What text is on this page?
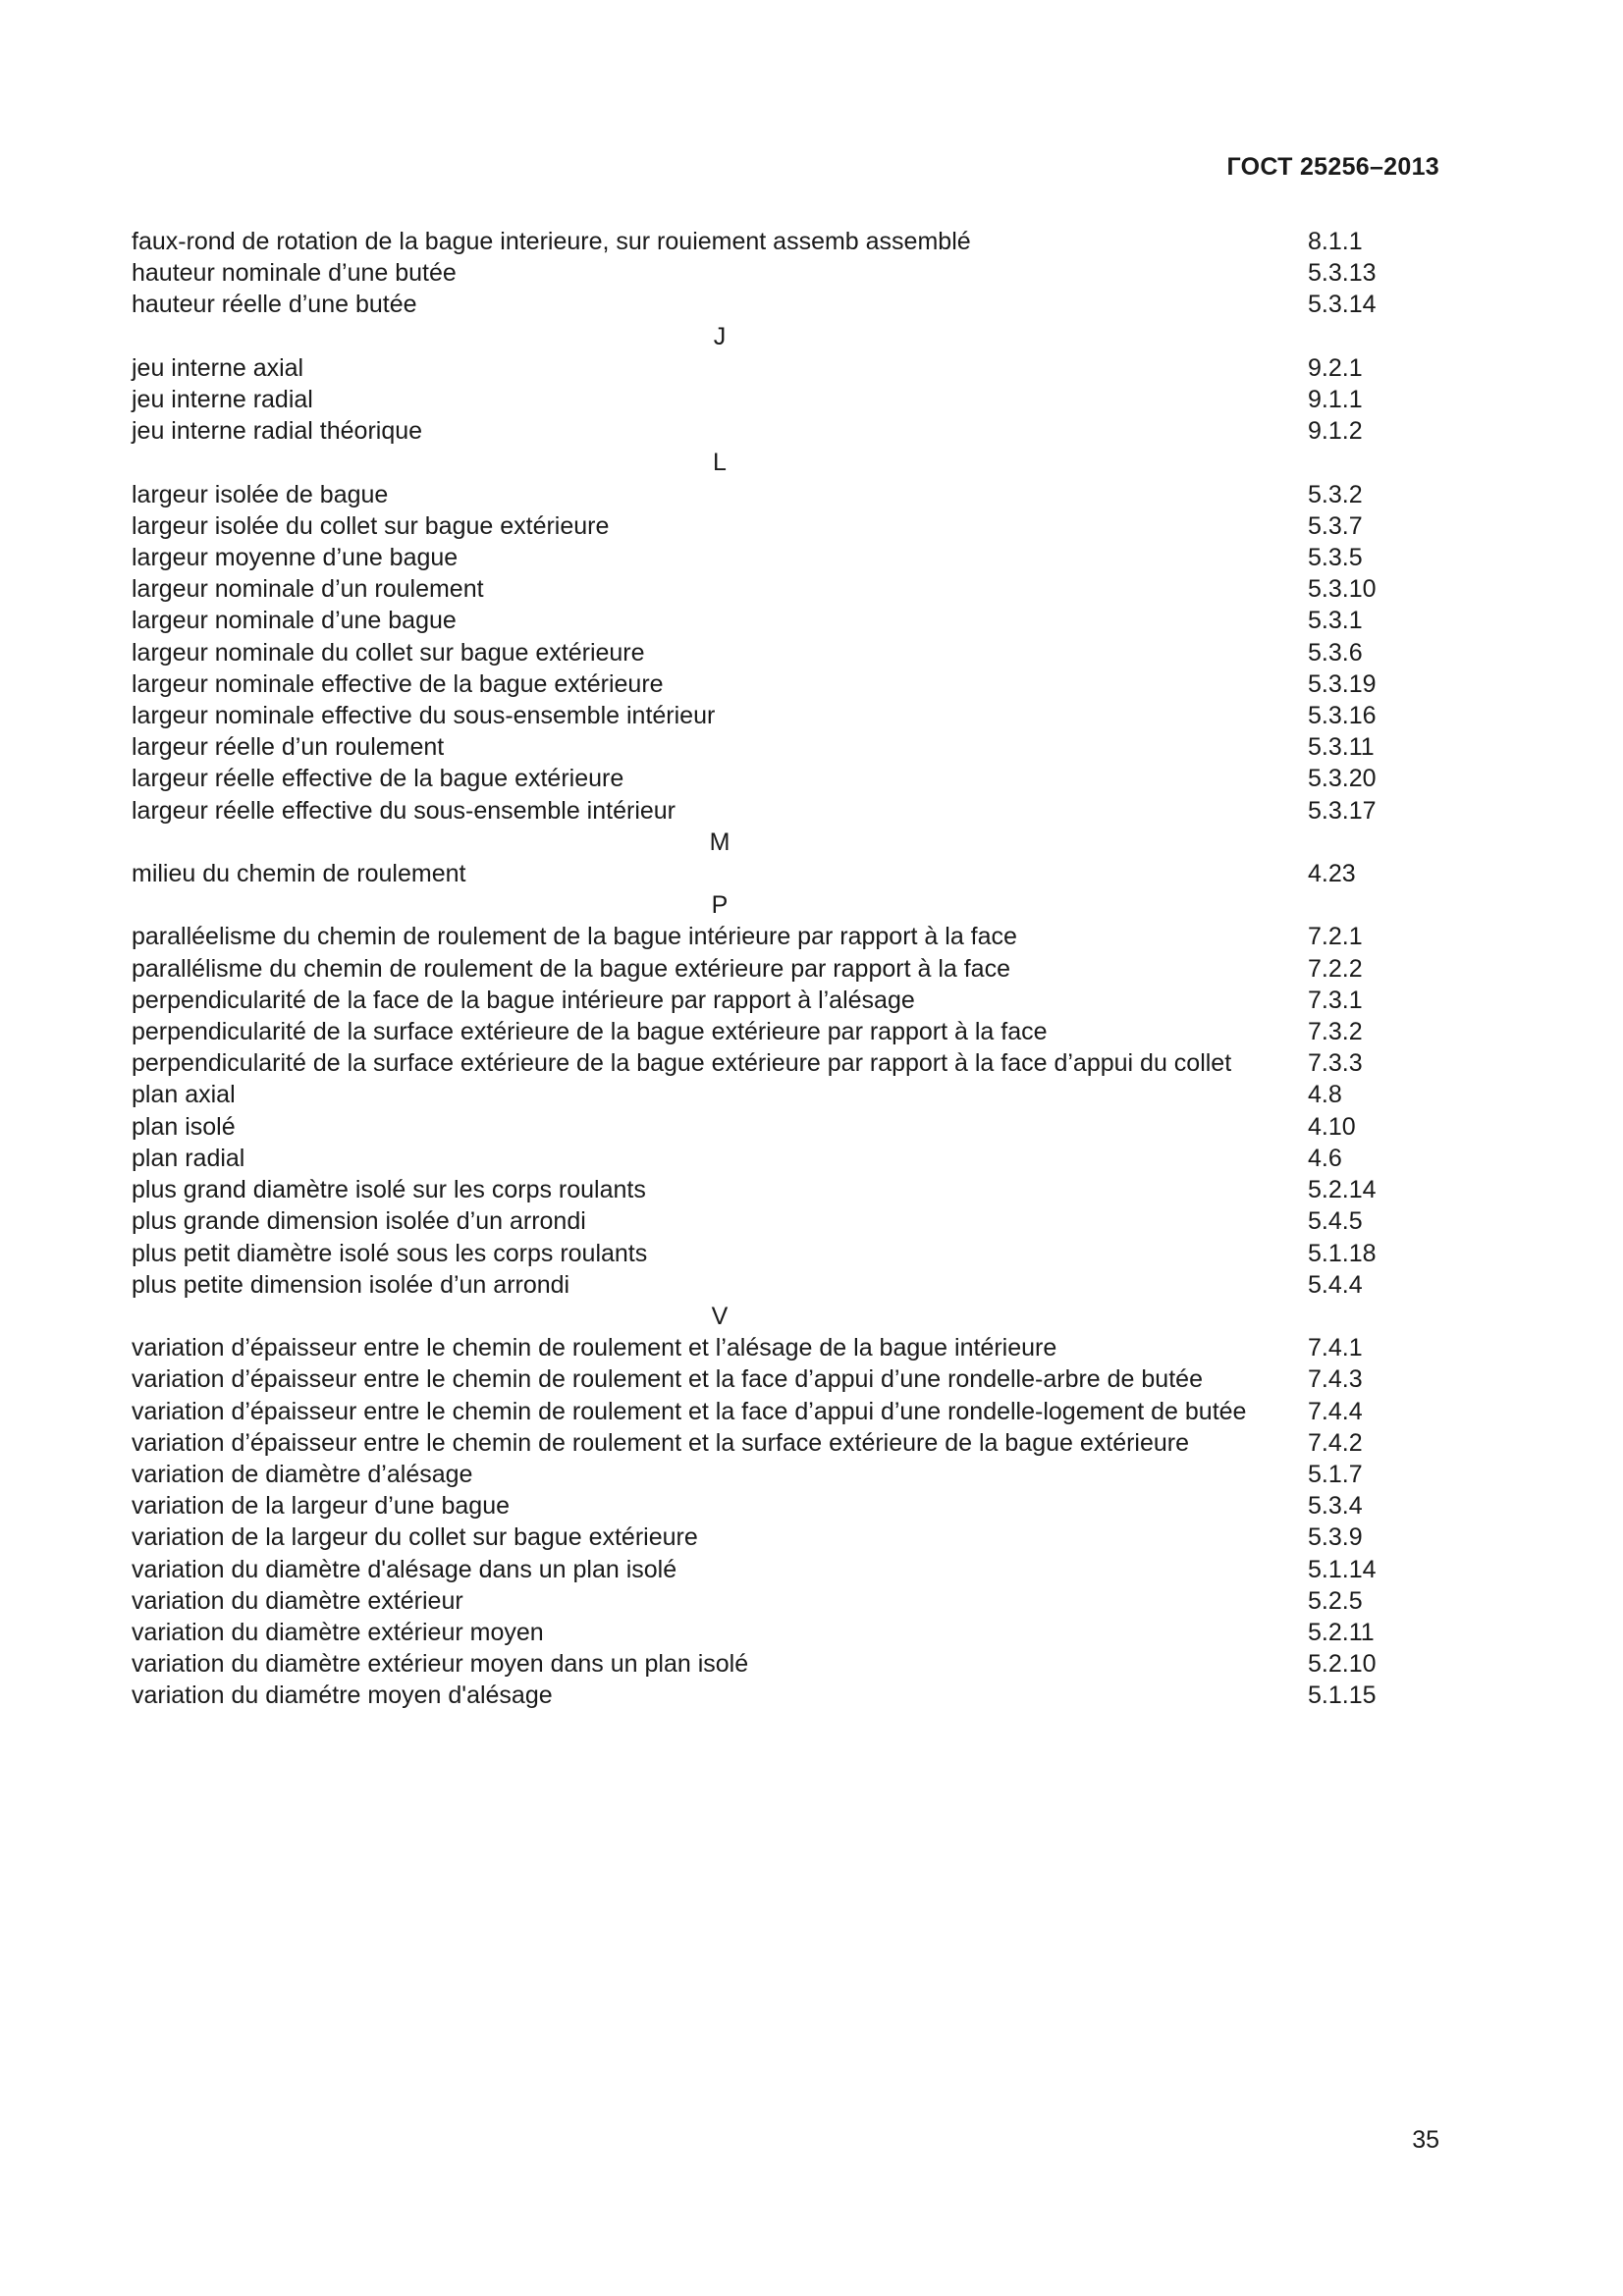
ГОСТ 25256–2013
faux-rond de rotation de la bague interieure, sur rouiement assemb assemblé	8.1.1
hauteur nominale d’une butée	5.3.13
hauteur réelle d’une butée	5.3.14
J
jeu interne axial	9.2.1
jeu interne radial	9.1.1
jeu interne radial théorique	9.1.2
L
largeur isolée de bague	5.3.2
largeur isolée du collet sur bague extérieure	5.3.7
largeur moyenne d’une bague	5.3.5
largeur nominale d’un roulement	5.3.10
largeur nominale d’une bague	5.3.1
largeur nominale du collet sur bague extérieure	5.3.6
largeur nominale effective de la bague extérieure	5.3.19
largeur nominale effective du sous-ensemble intérieur	5.3.16
largeur réelle d’un roulement	5.3.11
largeur réelle effective de la bague extérieure	5.3.20
largeur réelle effective du sous-ensemble intérieur	5.3.17
M
milieu du chemin de roulement	4.23
P
paralléelisme du chemin de roulement de la bague intérieure par rapport à la face	7.2.1
parallélisme du chemin de roulement de la bague extérieure par rapport à la face	7.2.2
perpendicularité de la face de la bague intérieure par rapport à l’alésage	7.3.1
perpendicularité de la surface extérieure de la bague extérieure par rapport à la face	7.3.2
perpendicularité de la surface extérieure de la bague extérieure par rapport à la face d’appui du collet	7.3.3
plan axial	4.8
plan isolé	4.10
plan radial	4.6
plus grand diamètre isolé sur les corps roulants	5.2.14
plus grande dimension isolée d’un arrondi	5.4.5
plus petit diamètre isolé sous les corps roulants	5.1.18
plus petite dimension isolée d’un arrondi	5.4.4
V
variation d’épaisseur entre le chemin de roulement et l’alésage de la bague intérieure	7.4.1
variation d’épaisseur entre le chemin de roulement et la face d’appui d’une rondelle-arbre de butée	7.4.3
variation d’épaisseur entre le chemin de roulement et la face d’appui d’une rondelle-logement de butée	7.4.4
variation d’épaisseur entre le chemin de roulement et la surface extérieure de la bague extérieure	7.4.2
variation de diamètre d’alésage	5.1.7
variation de la largeur d’une bague	5.3.4
variation de la largeur du collet sur bague extérieure	5.3.9
variation du diamètre d'alésage dans un plan isolé	5.1.14
variation du diamètre extérieur	5.2.5
variation du diamètre extérieur moyen	5.2.11
variation du diamètre extérieur moyen dans un plan isolé	5.2.10
variation du diamétre moyen d'alésage	5.1.15
35
